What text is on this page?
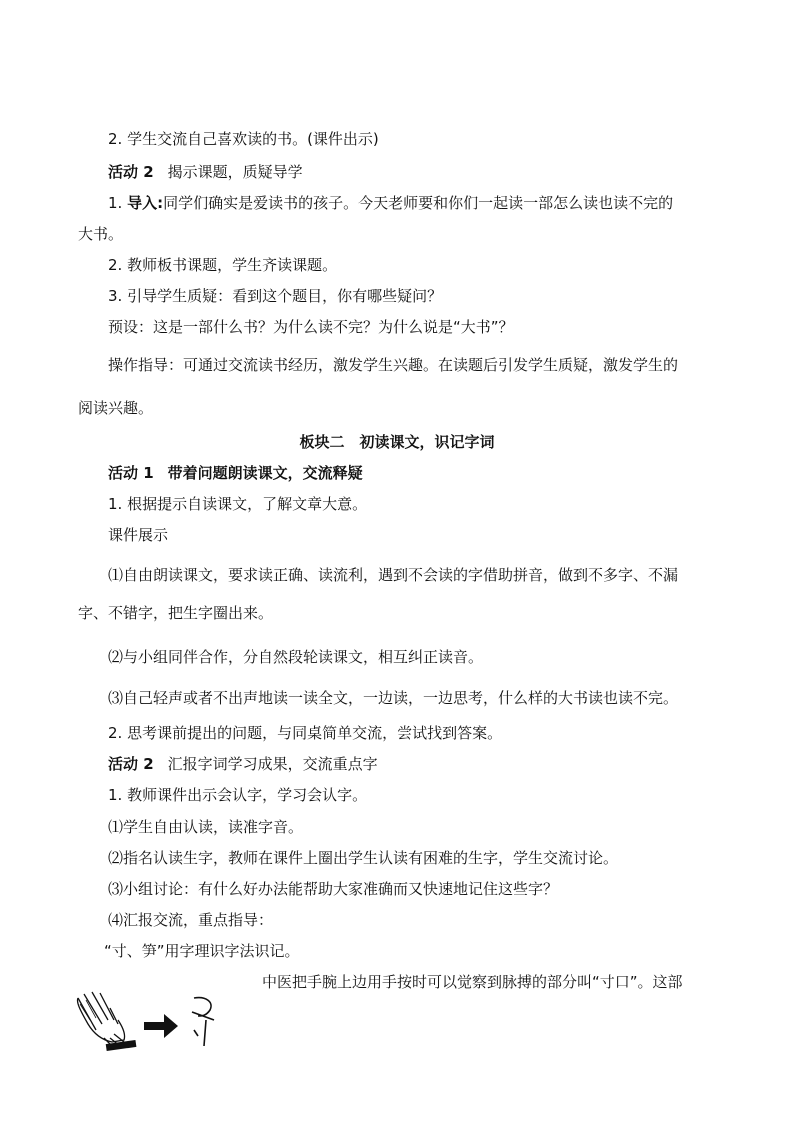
2. 学生交流自己喜欢读的书。(课件出示)
活动 2 揭示课题，质疑导学
1. 导入:同学们确实是爱读书的孩子。今天老师要和你们一起读一部怎么读也读不完的
大书。
2. 教师板书课题，学生齐读课题。
3. 引导学生质疑：看到这个题目，你有哪些疑问？
预设：这是一部什么书？为什么读不完？为什么说是“大书”？
操作指导：可通过交流读书经历，激发学生兴趣。在读题后引发学生质疑，激发学生的
阅读兴趣。
板块二　初读课文，识记字词
活动 1 带着问题朗读课文，交流释疑
1. 根据提示自读课文，了解文章大意。
课件展示
⑴自由朗读课文，要求读正确、读流利，遇到不会读的字借助拼音，做到不多字、不漏
字、不错字，把生字圈出来。
⑵与小组同伴合作，分自然段轮读课文，相互纠正读音。
⑶自己轻声或者不出声地读一读全文，一边读，一边思考，什么样的大书读也读不完。
2. 思考课前提出的问题，与同桌简单交流，尝试找到答案。
活动 2 汇报字词学习成果，交流重点字
1. 教师课件出示会认字，学习会认字。
⑴学生自由认读，读准字音。
⑵指名认读生字，教师在课件上圈出学生认读有困难的生字，学生交流讨论。
⑶小组讨论：有什么好办法能帮助大家准确而又快速地记住这些字？
⑷汇报交流，重点指导：
“寸、笋”用字理识字法识记。
中医把手腕上边用手按时可以觉察到脉搏的部分叫“寸口”。这部
